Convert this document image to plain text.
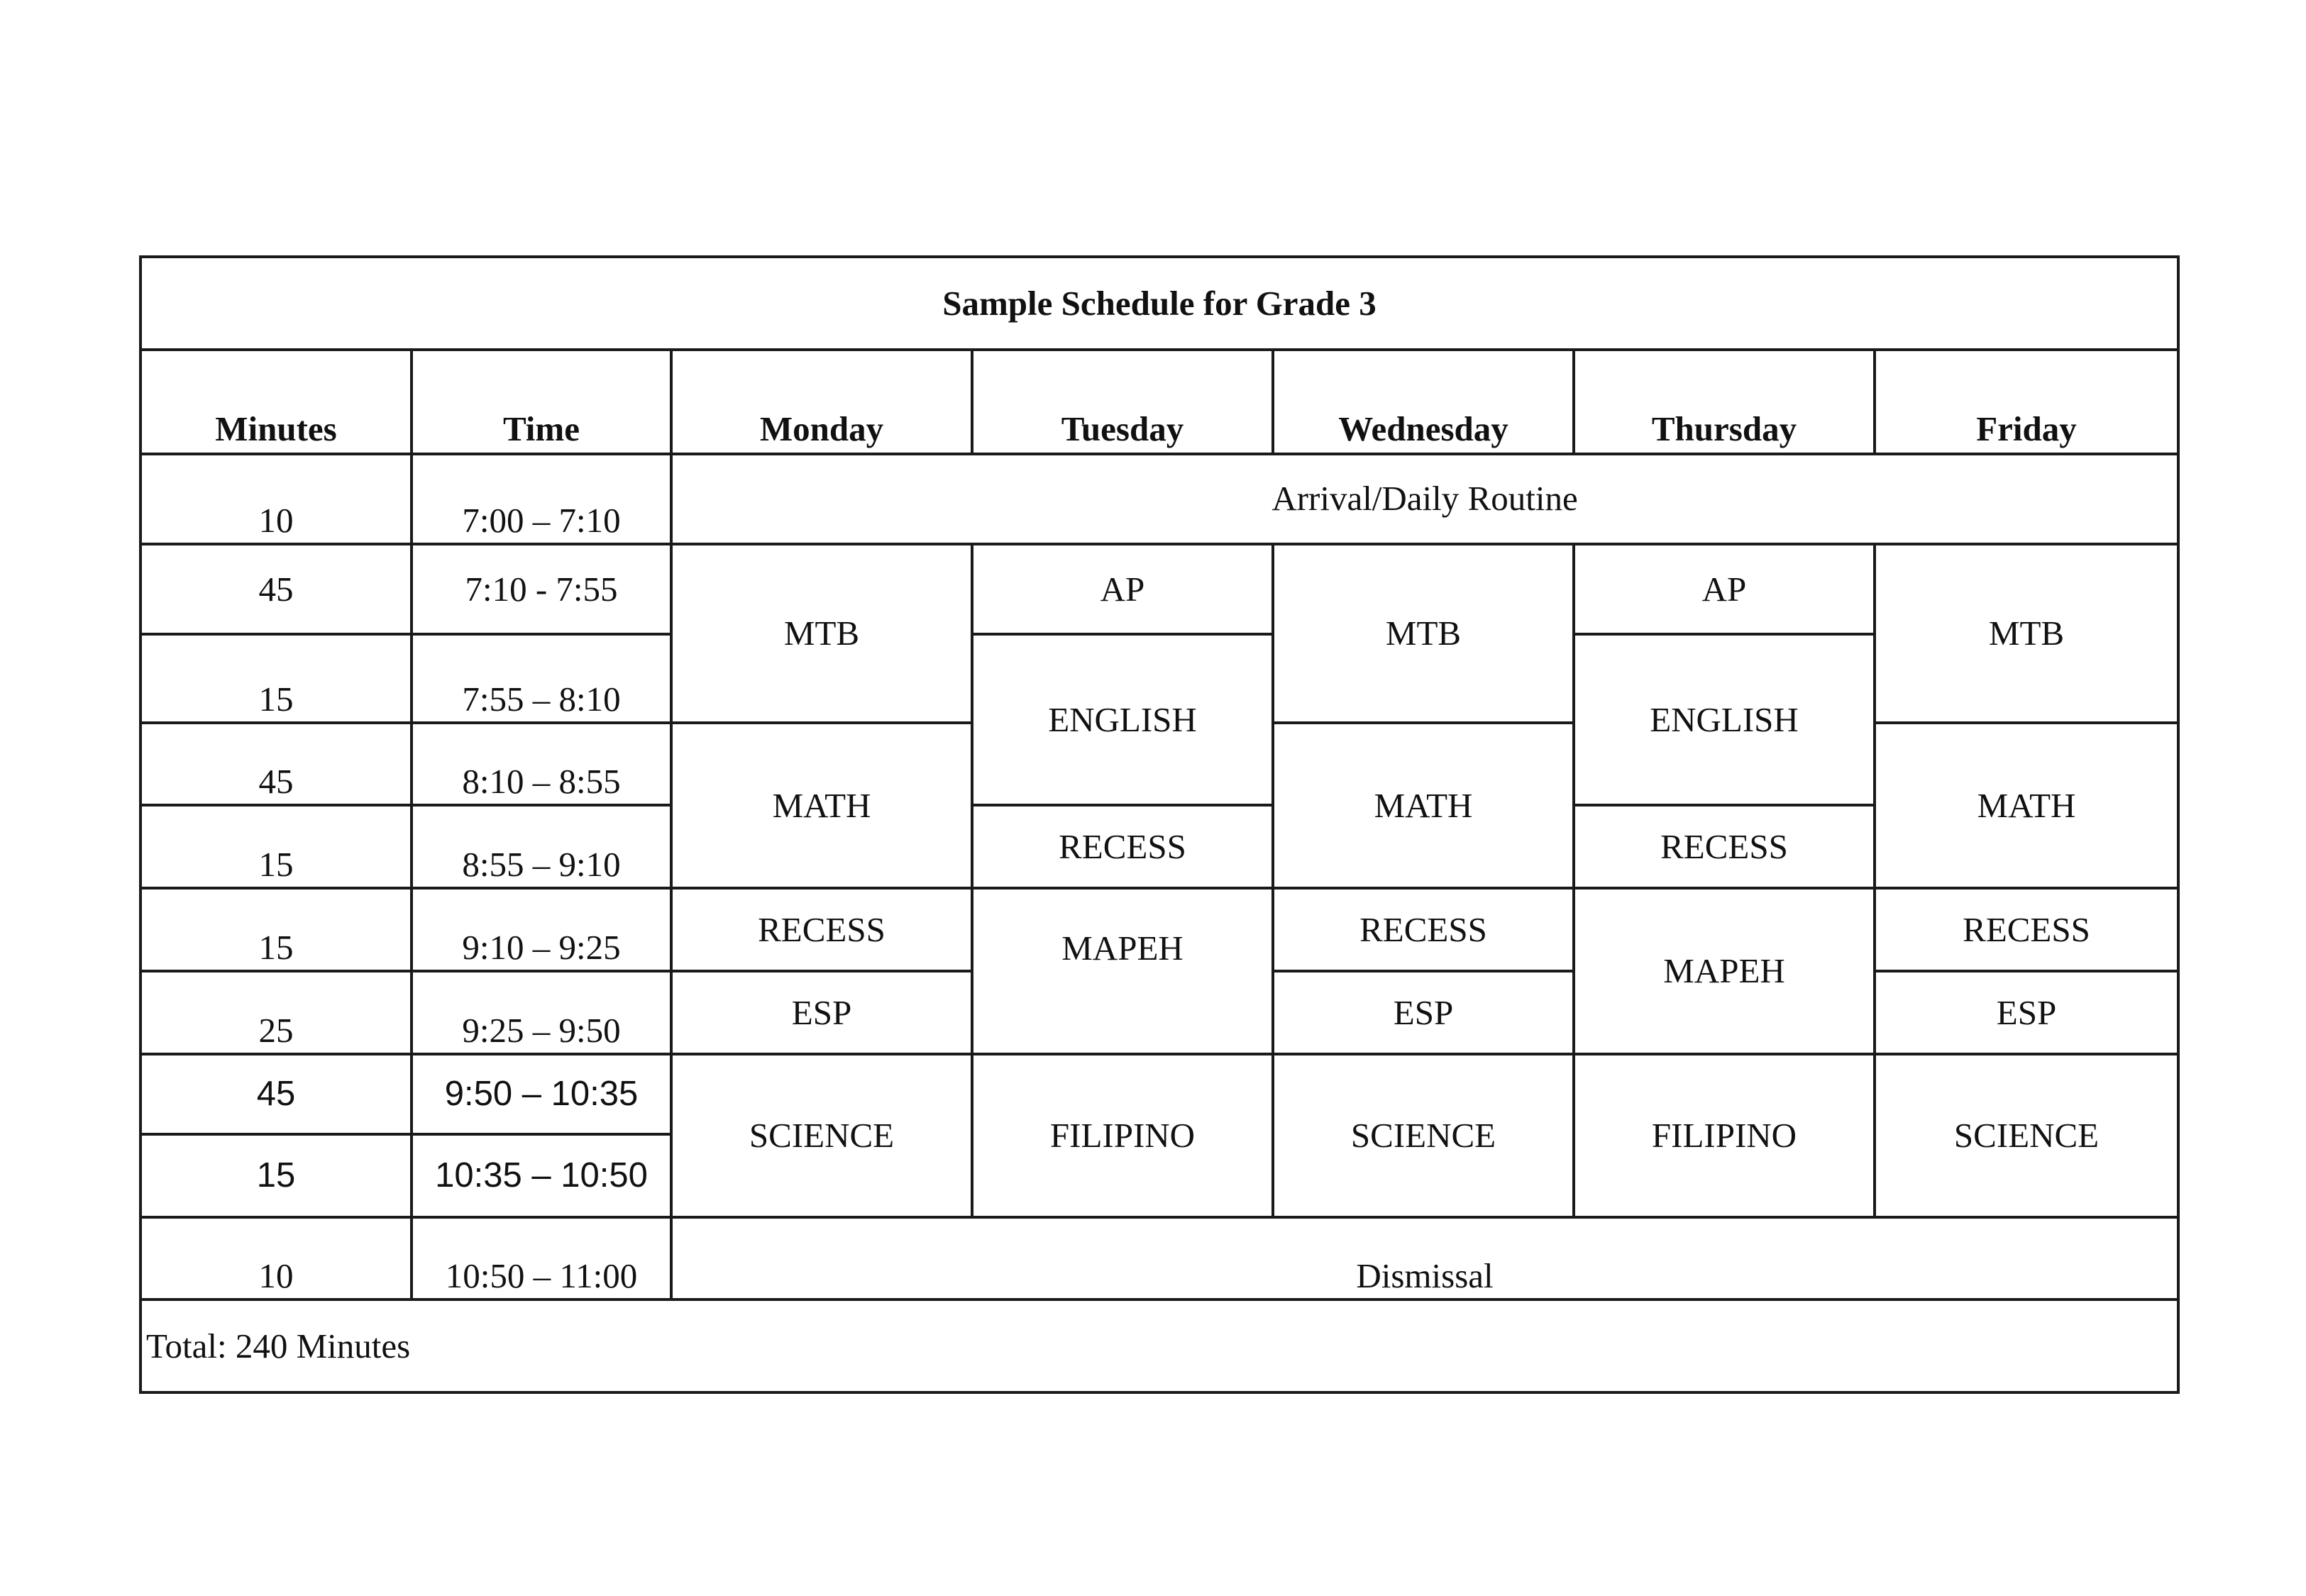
Sample Schedule for Grade 3						
Minutes	Time	Monday	Tuesday	Wednesday	Thursday	Friday
10	7:00 – 7:10	Arrival/Daily Routine				
45	7:10 - 7:55	MTB	AP	MTB	AP	MTB
15	7:55 – 8:10		ENGLISH		ENGLISH	
45	8:10 – 8:55	MATH		MATH		MATH
15	8:55 – 9:10		RECESS		RECESS	
15	9:10 – 9:25	RECESS	MAPEH	RECESS	MAPEH	RECESS
25	9:25 – 9:50	ESP		ESP		ESP
45	9:50 – 10:35	SCIENCE	FILIPINO	SCIENCE	FILIPINO	SCIENCE
15	10:35 – 10:50					
10	10:50 – 11:00	Dismissal				
Total: 240 Minutes						
